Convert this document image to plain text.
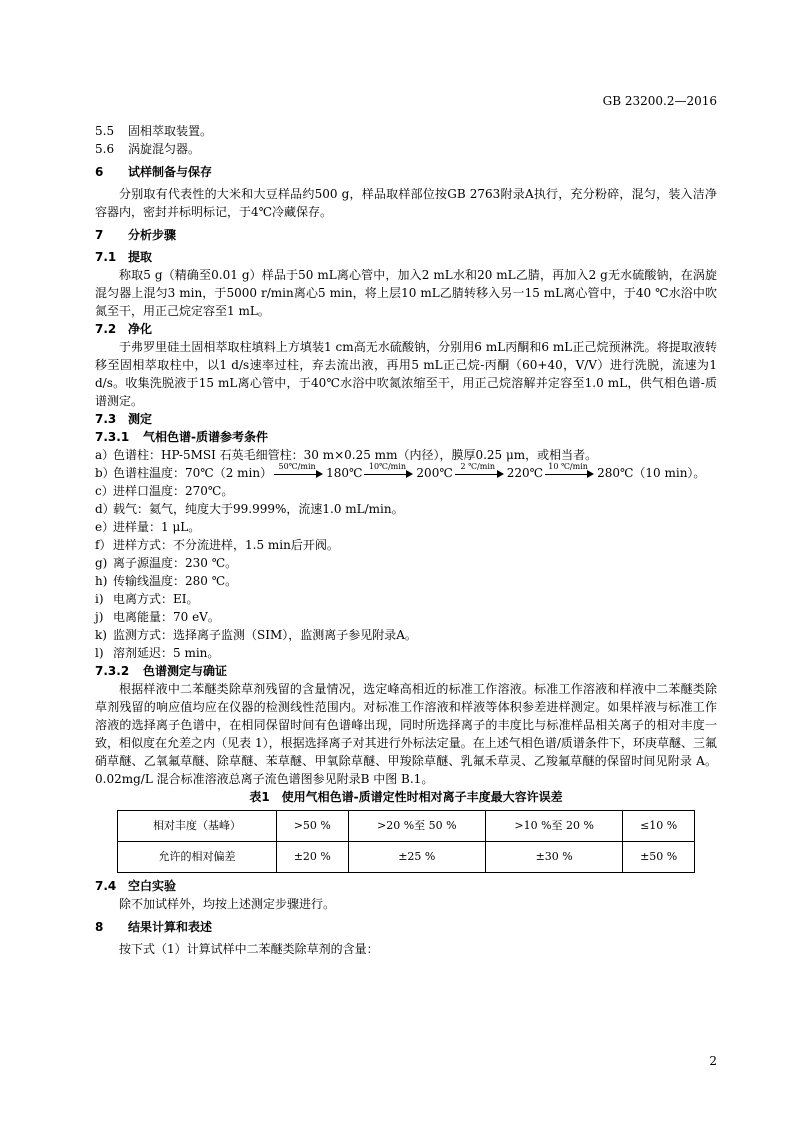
GB 23200.2—2016

5.5 固相萃取装置。

5.6 涡旋混匀器。

6 试样制备与保存

分别取有代表性的大米和大豆样品约500 g，样品取样部位按GB 2763附录A执行，充分粉碎，混匀，装入洁净容器内，密封并标明标记，于4℃冷藏保存。

7 分析步骤

7.1 提取

称取5 g（精确至0.01 g）样品于50 mL离心管中，加入2 mL水和20 mL乙腈，再加入2 g无水硫酸钠，在涡旋混匀器上混匀3 min，于5000 r/min离心5 min，将上层10 mL乙腈转移入另一15 mL离心管中，于40 ℃水浴中吹氮至干，用正己烷定容至1 mL。

7.2 净化

于弗罗里硅土固相萃取柱填料上方填装1 cm高无水硫酸钠，分别用6 mL丙酮和6 mL正己烷预淋洗。将提取液转移至固相萃取柱中，以1 d/s速率过柱，弃去流出液，再用5 mL正己烷-丙酮（60+40，V/V）进行洗脱，流速为1 d/s。收集洗脱液于15 mL离心管中，于40℃水浴中吹氮浓缩至干，用正己烷溶解并定容至1.0 mL，供气相色谱-质谱测定。

7.3 测定

7.3.1 气相色谱-质谱参考条件

a）
色谱柱：HP-5MSI 石英毛细管柱：30 m×0.25 mm（内径），膜厚0.25 μm，或相当者。
b）
色谱柱温度：70℃（2 min） 50℃/min 180℃ 10℃/min 200℃ 2 ℃/min 220℃ 10 ℃/min 280℃（10 min）。
c） 进样口温度：270℃。
d）
载气：氦气，纯度大于99.999%，流速1.0 mL/min。
e）
进样量：1 μL。
f） 进样方式：不分流进样，1.5 min后开阀。
g) 离子源温度：230 ℃。
h) 传输线温度：280 ℃。
i) 电离方式：EI。
j) 电离能量：70 eV。
k) 监测方式：选择离子监测（SIM），监测离子参见附录A。
l) 溶剂延迟：5 min。

7.3.2 色谱测定与确证

根据样液中二苯醚类除草剂残留的含量情况，选定峰高相近的标准工作溶液。标准工作溶液和样液中二苯醚类除草剂残留的响应值均应在仪器的检测线性范围内。对标准工作溶液和样液等体积参差进样测定。如果样液与标准工作溶液的选择离子色谱中，在相同保留时间有色谱峰出现，同时所选择离子的丰度比与标准样品相关离子的相对丰度一致，相似度在允差之内（见表 1），根据选择离子对其进行外标法定量。在上述气相色谱/质谱条件下，环庚草醚、三氟硝草醚、乙氧氟草醚、除草醚、苯草醚、甲氧除草醚、甲羧除草醚、乳氟禾草灵、乙羧氟草醚的保留时间见附录 A。0.02mg/L 混合标准溶液总离子流色谱图参见附录B 中图 B.1。

表1　使用气相色谱-质谱定性时相对离子丰度最大容许误差

相对丰度（基峰）	>50 %	>20 %至 50 %	>10 %至 20 %	≤10 %
允许的相对偏差	±20 %	±25 %	±30 %	±50 %

7.4 空白实验

除不加试样外，均按上述测定步骤进行。

8 结果计算和表述

按下式（1）计算试样中二苯醚类除草剂的含量：

2
